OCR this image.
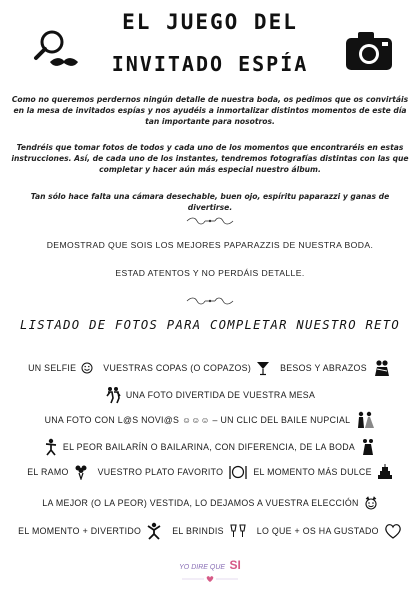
EL JUEGO DEL
INVITADO ESPÍA
Como no queremos perdernos ningún detalle de nuestra boda, os pedimos que os convirtáis en la mesa de invitados espías y nos ayudéis a inmortalizar distintos momentos de este día tan importante para nosotros.
Tendréis que tomar fotos de todos y cada uno de los momentos que encontraréis en estas instrucciones. Así, de cada uno de los instantes, tendremos fotografías distintas con las que completar y hacer aún más especial nuestro álbum.
Tan sólo hace falta una cámara desechable, buen ojo, espíritu paparazzi y ganas de divertirse.
DEMOSTRAD QUE SOIS LOS MEJORES PAPARAZZIS DE NUESTRA BODA.
ESTAD ATENTOS Y NO PERDÁIS DETALLE.
LISTADO DE FOTOS PARA COMPLETAR NUESTRO RETO
UN SELFIE	VUESTRAS COPAS (O COPAZOS)	BESOS Y ABRAZOS
UNA FOTO DIVERTIDA DE VUESTRA MESA
UNA FOTO CON L@S NOVI@S ☺☺☺ – UN CLIC DEL BAILE NUPCIAL
EL PEOR BAILARÍN O BAILARINA, CON DIFERENCIA, DE LA BODA
EL RAMO	VUESTRO PLATO FAVORITO	EL MOMENTO MÁS DULCE
LA MEJOR (O LA PEOR) VESTIDA, LO DEJAMOS A VUESTRA ELECCIÓN
EL MOMENTO + DIVERTIDO	EL BRINDIS	LO QUE + OS HA GUSTADO
YO DIRE QUE SI
